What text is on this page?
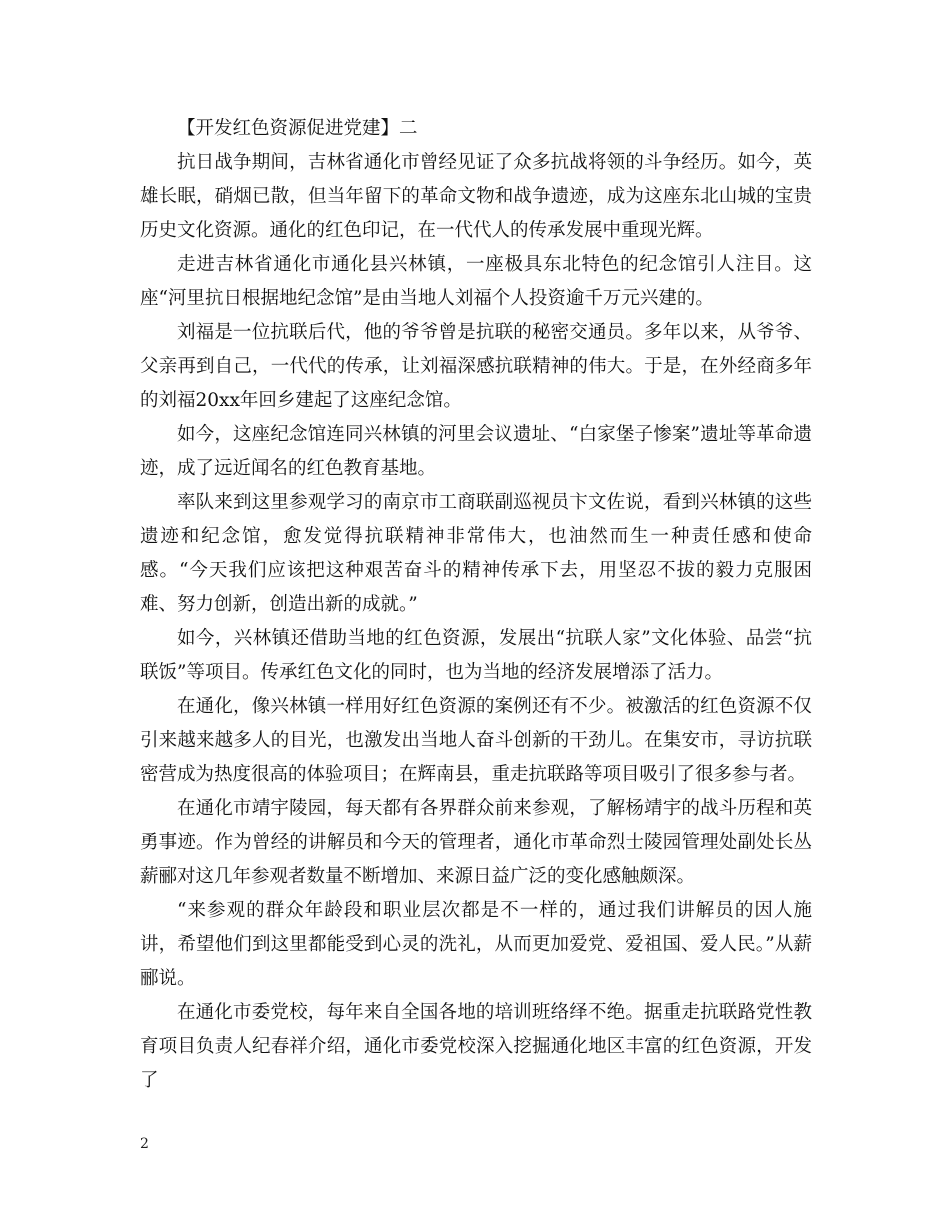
【开发红色资源促进党建】二

抗日战争期间，吉林省通化市曾经见证了众多抗战将领的斗争经历。如今，英雄长眠，硝烟已散，但当年留下的革命文物和战争遗迹，成为这座东北山城的宝贵历史文化资源。通化的红色印记，在一代代人的传承发展中重现光辉。

走进吉林省通化市通化县兴林镇，一座极具东北特色的纪念馆引人注目。这座“河里抗日根据地纪念馆”是由当地人刘福个人投资逾千万元兴建的。

刘福是一位抗联后代，他的爷爷曾是抗联的秘密交通员。多年以来，从爷爷、父亲再到自己，一代代的传承，让刘福深感抗联精神的伟大。于是，在外经商多年的刘福20xx年回乡建起了这座纪念馆。

如今，这座纪念馆连同兴林镇的河里会议遗址、“白家堡子惨案”遗址等革命遗迹，成了远近闻名的红色教育基地。

率队来到这里参观学习的南京市工商联副巡视员卞文佐说，看到兴林镇的这些遗迹和纪念馆，愈发觉得抗联精神非常伟大，也油然而生一种责任感和使命感。“今天我们应该把这种艰苦奋斗的精神传承下去，用坚忍不拔的毅力克服困难、努力创新，创造出新的成就。”

如今，兴林镇还借助当地的红色资源，发展出“抗联人家”文化体验、品尝“抗联饭”等项目。传承红色文化的同时，也为当地的经济发展增添了活力。

在通化，像兴林镇一样用好红色资源的案例还有不少。被激活的红色资源不仅引来越来越多人的目光，也激发出当地人奋斗创新的干劲儿。在集安市，寻访抗联密营成为热度很高的体验项目；在辉南县，重走抗联路等项目吸引了很多参与者。

在通化市靖宇陵园，每天都有各界群众前来参观，了解杨靖宇的战斗历程和英勇事迹。作为曾经的讲解员和今天的管理者，通化市革命烈士陵园管理处副处长丛薪郦对这几年参观者数量不断增加、来源日益广泛的变化感触颇深。

“来参观的群众年龄段和职业层次都是不一样的，通过我们讲解员的因人施讲，希望他们到这里都能受到心灵的洗礼，从而更加爱党、爱祖国、爱人民。”从薪郦说。

在通化市委党校，每年来自全国各地的培训班络绎不绝。据重走抗联路党性教育项目负责人纪春祥介绍，通化市委党校深入挖掘通化地区丰富的红色资源，开发了

2
